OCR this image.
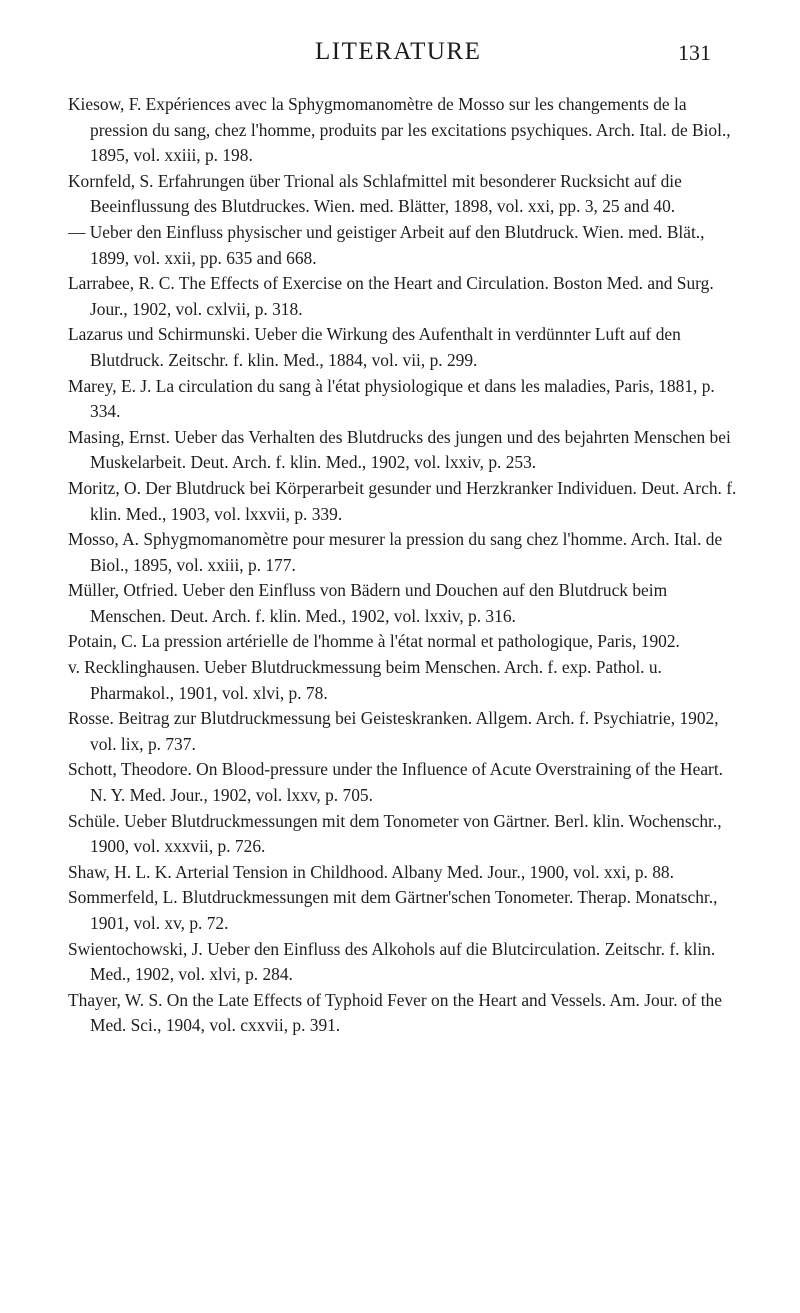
LITERATURE	131
Kiesow, F. Expériences avec la Sphygmomanomètre de Mosso sur les changements de la pression du sang, chez l'homme, produits par les excitations psychiques. Arch. Ital. de Biol., 1895, vol. xxiii, p. 198.
Kornfeld, S. Erfahrungen über Trional als Schlafmittel mit besonderer Rucksicht auf die Beeinflussung des Blutdruckes. Wien. med. Blätter, 1898, vol. xxi, pp. 3, 25 and 40.
— Ueber den Einfluss physischer und geistiger Arbeit auf den Blutdruck. Wien. med. Blät., 1899, vol. xxii, pp. 635 and 668.
Larrabee, R. C. The Effects of Exercise on the Heart and Circulation. Boston Med. and Surg. Jour., 1902, vol. cxlvii, p. 318.
Lazarus und Schirmunski. Ueber die Wirkung des Aufenthalt in verdünnter Luft auf den Blutdruck. Zeitschr. f. klin. Med., 1884, vol. vii, p. 299.
Marey, E. J. La circulation du sang à l'état physiologique et dans les maladies, Paris, 1881, p. 334.
Masing, Ernst. Ueber das Verhalten des Blutdrucks des jungen und des bejahrten Menschen bei Muskelarbeit. Deut. Arch. f. klin. Med., 1902, vol. lxxiv, p. 253.
Moritz, O. Der Blutdruck bei Körperarbeit gesunder und Herzkranker Individuen. Deut. Arch. f. klin. Med., 1903, vol. lxxvii, p. 339.
Mosso, A. Sphygmomanomètre pour mesurer la pression du sang chez l'homme. Arch. Ital. de Biol., 1895, vol. xxiii, p. 177.
Müller, Otfried. Ueber den Einfluss von Bädern und Douchen auf den Blutdruck beim Menschen. Deut. Arch. f. klin. Med., 1902, vol. lxxiv, p. 316.
Potain, C. La pression artérielle de l'homme à l'état normal et pathologique, Paris, 1902.
v. Recklinghausen. Ueber Blutdruckmessung beim Menschen. Arch. f. exp. Pathol. u. Pharmakol., 1901, vol. xlvi, p. 78.
Rosse. Beitrag zur Blutdruckmessung bei Geisteskranken. Allgem. Arch. f. Psychiatrie, 1902, vol. lix, p. 737.
Schott, Theodore. On Blood-pressure under the Influence of Acute Overstraining of the Heart. N. Y. Med. Jour., 1902, vol. lxxv, p. 705.
Schüle. Ueber Blutdruckmessungen mit dem Tonometer von Gärtner. Berl. klin. Wochenschr., 1900, vol. xxxvii, p. 726.
Shaw, H. L. K. Arterial Tension in Childhood. Albany Med. Jour., 1900, vol. xxi, p. 88.
Sommerfeld, L. Blutdruckmessungen mit dem Gärtner'schen Tonometer. Therap. Monatschr., 1901, vol. xv, p. 72.
Swientochowski, J. Ueber den Einfluss des Alkohols auf die Blutcirculation. Zeitschr. f. klin. Med., 1902, vol. xlvi, p. 284.
Thayer, W. S. On the Late Effects of Typhoid Fever on the Heart and Vessels. Am. Jour. of the Med. Sci., 1904, vol. cxxvii, p. 391.
